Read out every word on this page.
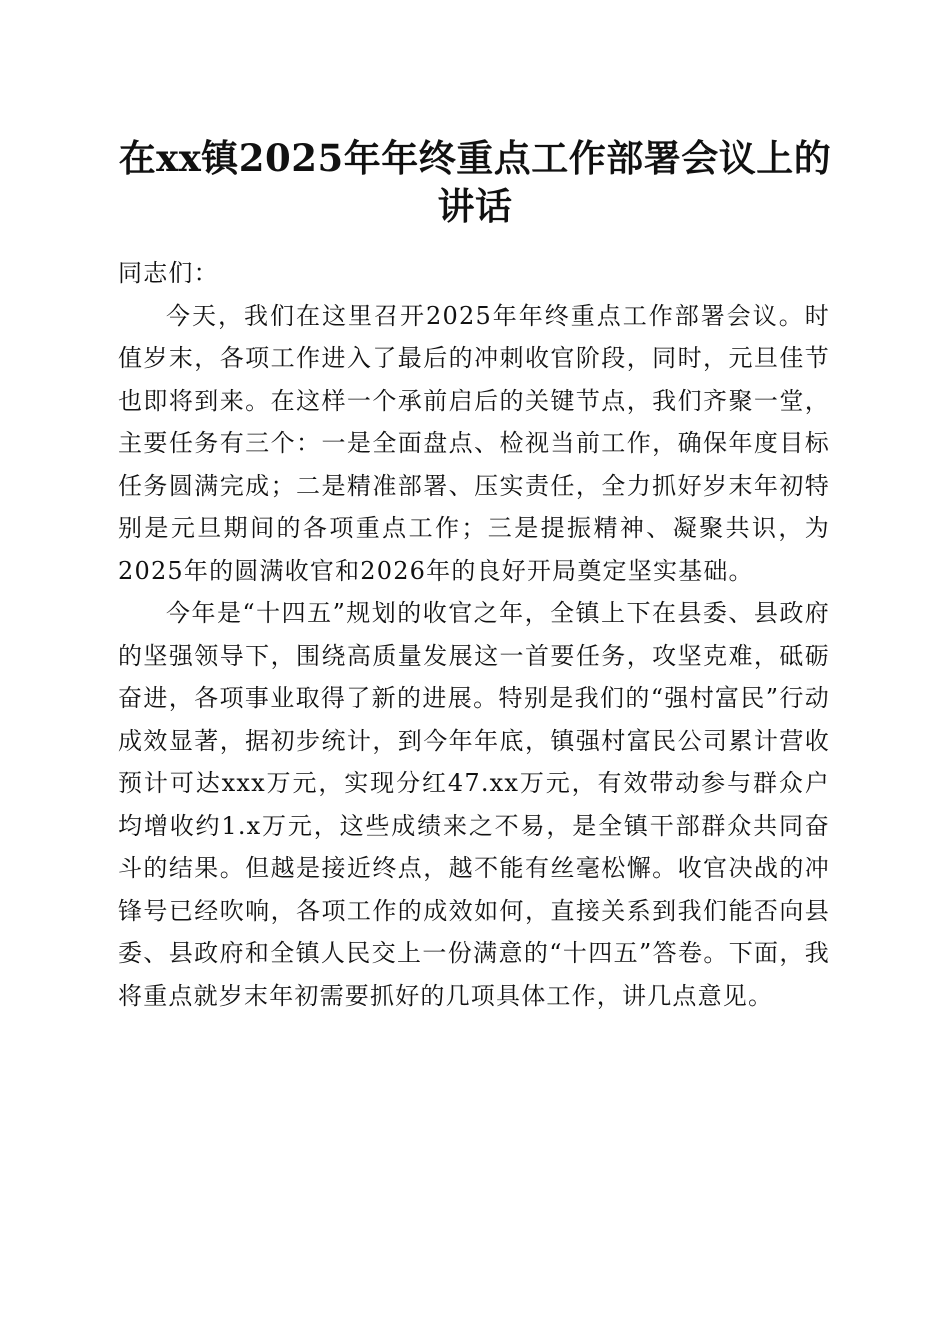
在xx镇2025年年终重点工作部署会议上的讲话

同志们：

今天，我们在这里召开2025年年终重点工作部署会议。时值岁末，各项工作进入了最后的冲刺收官阶段，同时，元旦佳节也即将到来。在这样一个承前启后的关键节点，我们齐聚一堂，主要任务有三个：一是全面盘点、检视当前工作，确保年度目标任务圆满完成；二是精准部署、压实责任，全力抓好岁末年初特别是元旦期间的各项重点工作；三是提振精神、凝聚共识，为2025年的圆满收官和2026年的良好开局奠定坚实基础。

今年是“十四五”规划的收官之年，全镇上下在县委、县政府的坚强领导下，围绕高质量发展这一首要任务，攻坚克难，砥砺奋进，各项事业取得了新的进展。特别是我们的“强村富民”行动成效显著，据初步统计，到今年年底，镇强村富民公司累计营收预计可达xxx万元，实现分红47.xx万元，有效带动参与群众户均增收约1.x万元，这些成绩来之不易，是全镇干部群众共同奋斗的结果。但越是接近终点，越不能有丝毫松懈。收官决战的冲锋号已经吹响，各项工作的成效如何，直接关系到我们能否向县委、县政府和全镇人民交上一份满意的“十四五”答卷。下面，我将重点就岁末年初需要抓好的几项具体工作，讲几点意见。
